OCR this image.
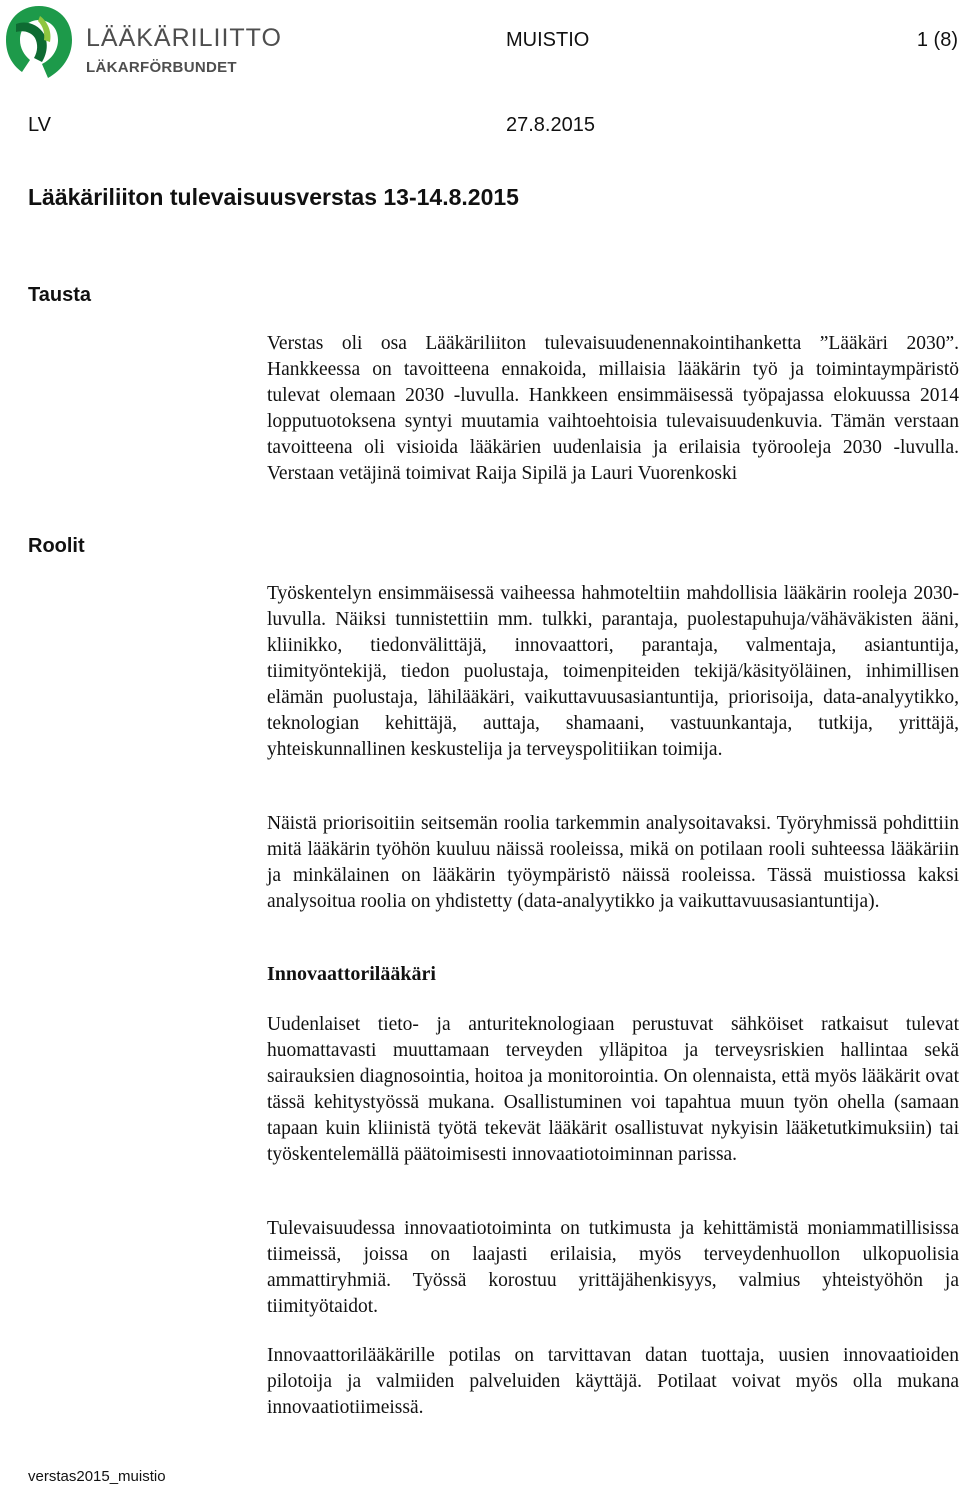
LÄÄKÄRILIITTO
LÄKARFÖRBUNDET
MUISTIO	1 (8)
LV	27.8.2015
Lääkäriliiton tulevaisuusverstas 13-14.8.2015
Tausta
Roolit

Verstas oli osa Lääkäriliiton tulevaisuudenennakointihanketta ”Lääkäri 2030”. Hankkeessa on tavoitteena ennakoida, millaisia lääkärin työ ja toimintaympäristö tulevat olemaan 2030 -luvulla. Hankkeen ensimmäisessä työpajassa elokuussa 2014 lopputuotoksena syntyi muutamia vaihtoehtoisia tulevaisuudenkuvia. Tämän verstaan tavoitteena oli visioida lääkärien uudenlaisia ja erilaisia työrooleja 2030 -luvulla. Verstaan vetäjinä toimivat Raija Sipilä ja Lauri Vuorenkoski

Työskentelyn ensimmäisessä vaiheessa hahmoteltiin mahdollisia lääkärin rooleja 2030-luvulla. Näiksi tunnistettiin mm. tulkki, parantaja, puolestapuhuja/vähäväkisten ääni, kliinikko, tiedonvälittäjä, innovaattori, parantaja, valmentaja, asiantuntija, tiimityöntekijä, tiedon puolustaja, toimenpiteiden tekijä/käsityöläinen, inhimillisen elämän puolustaja, lähilääkäri, vaikuttavuusasiantuntija, priorisoija, data-analyytikko, teknologian kehittäjä, auttaja, shamaani, vastuunkantaja, tutkija, yrittäjä, yhteiskunnallinen keskustelija ja terveyspolitiikan toimija.

Näistä priorisoitiin seitsemän roolia tarkemmin analysoitavaksi. Työryhmissä pohdittiin mitä lääkärin työhön kuuluu näissä rooleissa, mikä on potilaan rooli suhteessa lääkäriin ja minkälainen on lääkärin työympäristö näissä rooleissa. Tässä muistiossa kaksi analysoitua roolia on yhdistetty (data-analyytikko ja vaikuttavuusasiantuntija).

Innovaattorilääkäri

Uudenlaiset tieto- ja anturiteknologiaan perustuvat sähköiset ratkaisut tulevat huomattavasti muuttamaan terveyden ylläpitoa ja terveysriskien hallintaa sekä sairauksien diagnosointia, hoitoa ja monitorointia. On olennaista, että myös lääkärit ovat tässä kehitystyössä mukana. Osallistuminen voi tapahtua muun työn ohella (samaan tapaan kuin kliinistä työtä tekevät lääkärit osallistuvat nykyisin lääketutkimuksiin) tai työskentelemällä päätoimisesti innovaatiotoiminnan parissa.

Tulevaisuudessa innovaatiotoiminta on tutkimusta ja kehittämistä moniammatillisissa tiimeissä, joissa on laajasti erilaisia, myös terveydenhuollon ulkopuolisia ammattiryhmiä. Työssä korostuu yrittäjähenkisyys, valmius yhteistyöhön ja tiimityötaidot.

Innovaattorilääkärille potilas on tarvittavan datan tuottaja, uusien innovaatioiden pilotoija ja valmiiden palveluiden käyttäjä. Potilaat voivat myös olla mukana innovaatiotiimeissä.

verstas2015_muistio
